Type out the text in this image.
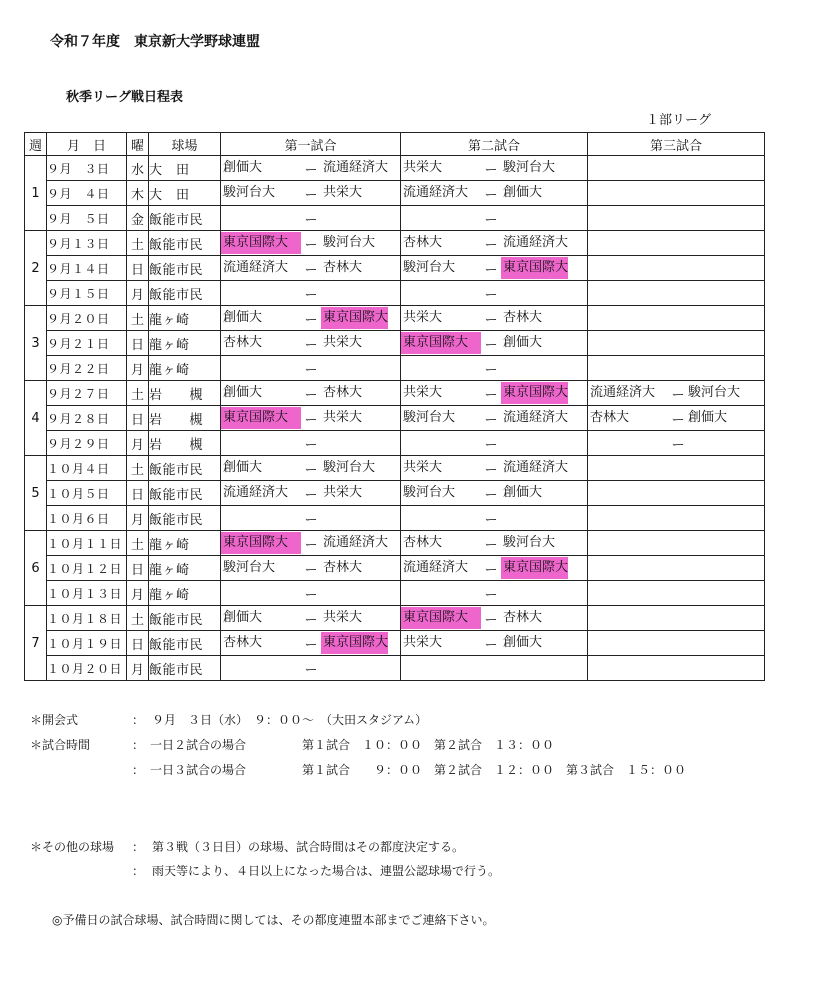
令和７年度　東京新大学野球連盟
秋季リーグ戦日程表
１部リーグ
週	月　日	曜	球場	第一試合	第二試合	第三試合
1	９月　３日	水	大　田	創価大 ー 流通経済大	共栄大 ー 駿河台大	

	９月　４日	木	大　田	駿河台大 ー 共栄大	流通経済大 ー 創価大	

	９月　５日	金	飯能市民	ー	ー	

2	９月１３日	土	飯能市民	東京国際大 ー 駿河台大	杏林大 ー 流通経済大	

	９月１４日	日	飯能市民	流通経済大 ー 杏林大	駿河台大 ー 東京国際大	

	９月１５日	月	飯能市民	ー	ー	

3	９月２０日	土	龍ヶ崎	創価大 ー 東京国際大	共栄大 ー 杏林大	

	９月２１日	日	龍ヶ崎	杏林大 ー 共栄大	東京国際大 ー 創価大	

	９月２２日	月	龍ヶ崎	ー	ー	

4	９月２７日	土	岩　　槻	創価大 ー 杏林大	共栄大 ー 東京国際大	流通経済大 ー 駿河台大

	９月２８日	日	岩　　槻	東京国際大 ー 共栄大	駿河台大 ー 流通経済大	杏林大 ー 創価大

	９月２９日	月	岩　　槻	ー	ー	ー

5	１０月４日	土	飯能市民	創価大 ー 駿河台大	共栄大 ー 流通経済大	

	１０月５日	日	飯能市民	流通経済大 ー 共栄大	駿河台大 ー 創価大	

	１０月６日	月	飯能市民	ー	ー	

6	１０月１１日	土	龍ヶ崎	東京国際大 ー 流通経済大	杏林大 ー 駿河台大	

	１０月１２日	日	龍ヶ崎	駿河台大 ー 杏林大	流通経済大 ー 東京国際大	

	１０月１３日	月	龍ヶ崎	ー	ー	

7	１０月１８日	土	飯能市民	創価大 ー 共栄大	東京国際大 ー 杏林大	

	１０月１９日	日	飯能市民	杏林大 ー 東京国際大	共栄大 ー 創価大	

	１０月２０日	月	飯能市民	ー		

＊開会式	： ９月　３日（水）　９：００～　（大田スタジアム）
＊試合時間	： 一日２試合の場合	第１試合　１０：００　第２試合　１３：００
： 一日３試合の場合	第１試合　　９：００　第２試合　１２：００　第３試合　１５：００
＊その他の球場 ： 第３戦（３日目）の球場、試合時間はその都度決定する。
： 雨天等により、４日以上になった場合は、連盟公認球場で行う。
◎予備日の試合球場、試合時間に関しては、その都度連盟本部までご連絡下さい。
